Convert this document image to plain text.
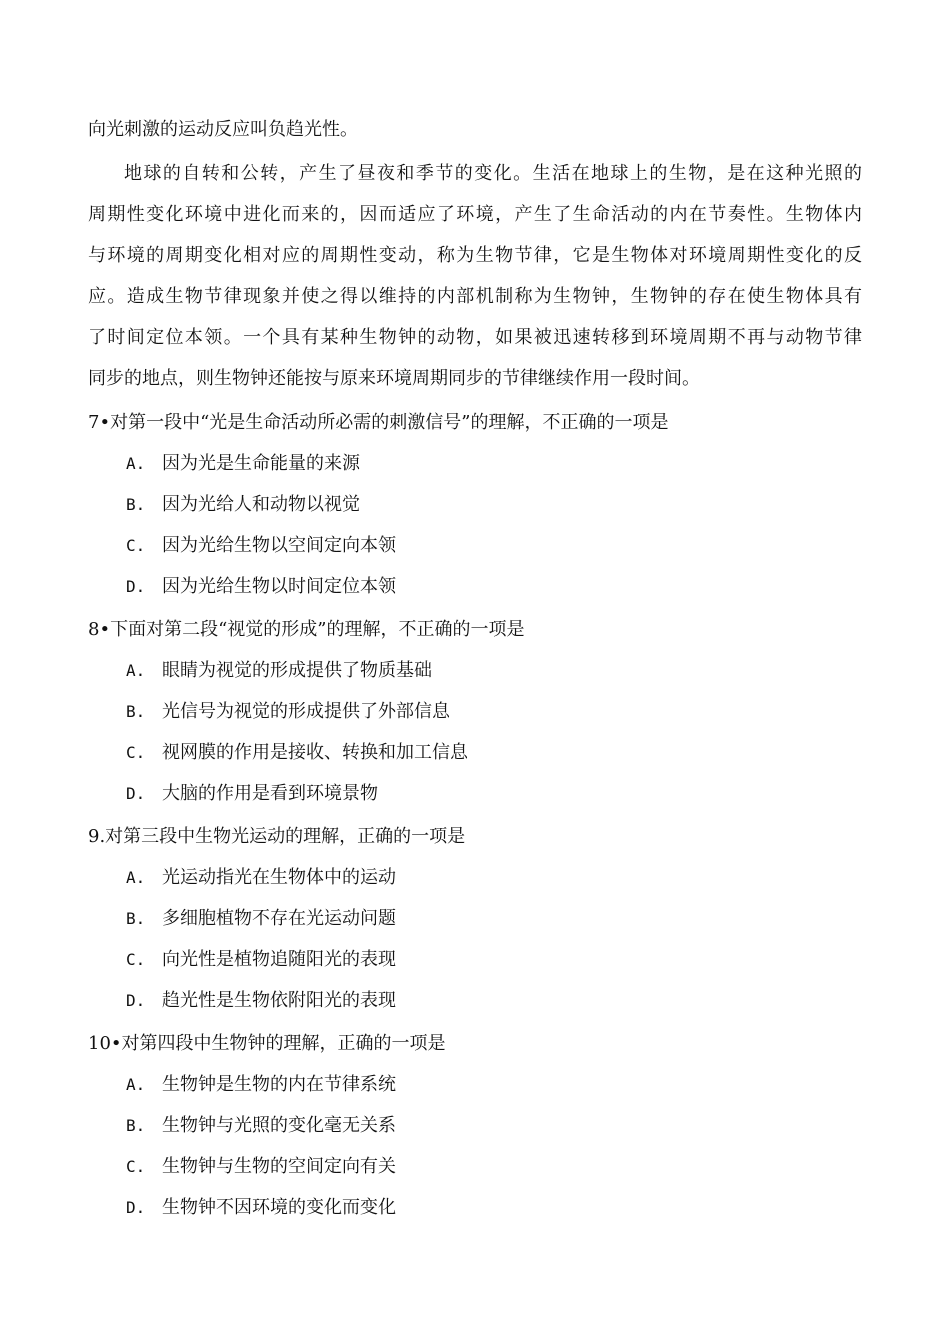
向光刺激的运动反应叫负趋光性。
地球的自转和公转，产生了昼夜和季节的变化。生活在地球上的生物，是在这种光照的
周期性变化环境中进化而来的，因而适应了环境，产生了生命活动的内在节奏性。生物体内
与环境的周期变化相对应的周期性变动，称为生物节律，它是生物体对环境周期性变化的反
应。造成生物节律现象并使之得以维持的内部机制称为生物钟，生物钟的存在使生物体具有
了时间定位本领。一个具有某种生物钟的动物，如果被迅速转移到环境周期不再与动物节律
同步的地点，则生物钟还能按与原来环境周期同步的节律继续作用一段时间。
7•对第一段中“光是生命活动所必需的刺激信号”的理解，不正确的一项是
A. 因为光是生命能量的来源
B. 因为光给人和动物以视觉
C. 因为光给生物以空间定向本领
D. 因为光给生物以时间定位本领
8•下面对第二段“视觉的形成”的理解，不正确的一项是
A. 眼睛为视觉的形成提供了物质基础
B. 光信号为视觉的形成提供了外部信息
C. 视网膜的作用是接收、转换和加工信息
D. 大脑的作用是看到环境景物
9.对第三段中生物光运动的理解，正确的一项是
A. 光运动指光在生物体中的运动
B. 多细胞植物不存在光运动问题
C. 向光性是植物追随阳光的表现
D. 趋光性是生物依附阳光的表现
10•对第四段中生物钟的理解，正确的一项是
A. 生物钟是生物的内在节律系统
B. 生物钟与光照的变化毫无关系
C. 生物钟与生物的空间定向有关
D. 生物钟不因环境的变化而变化
